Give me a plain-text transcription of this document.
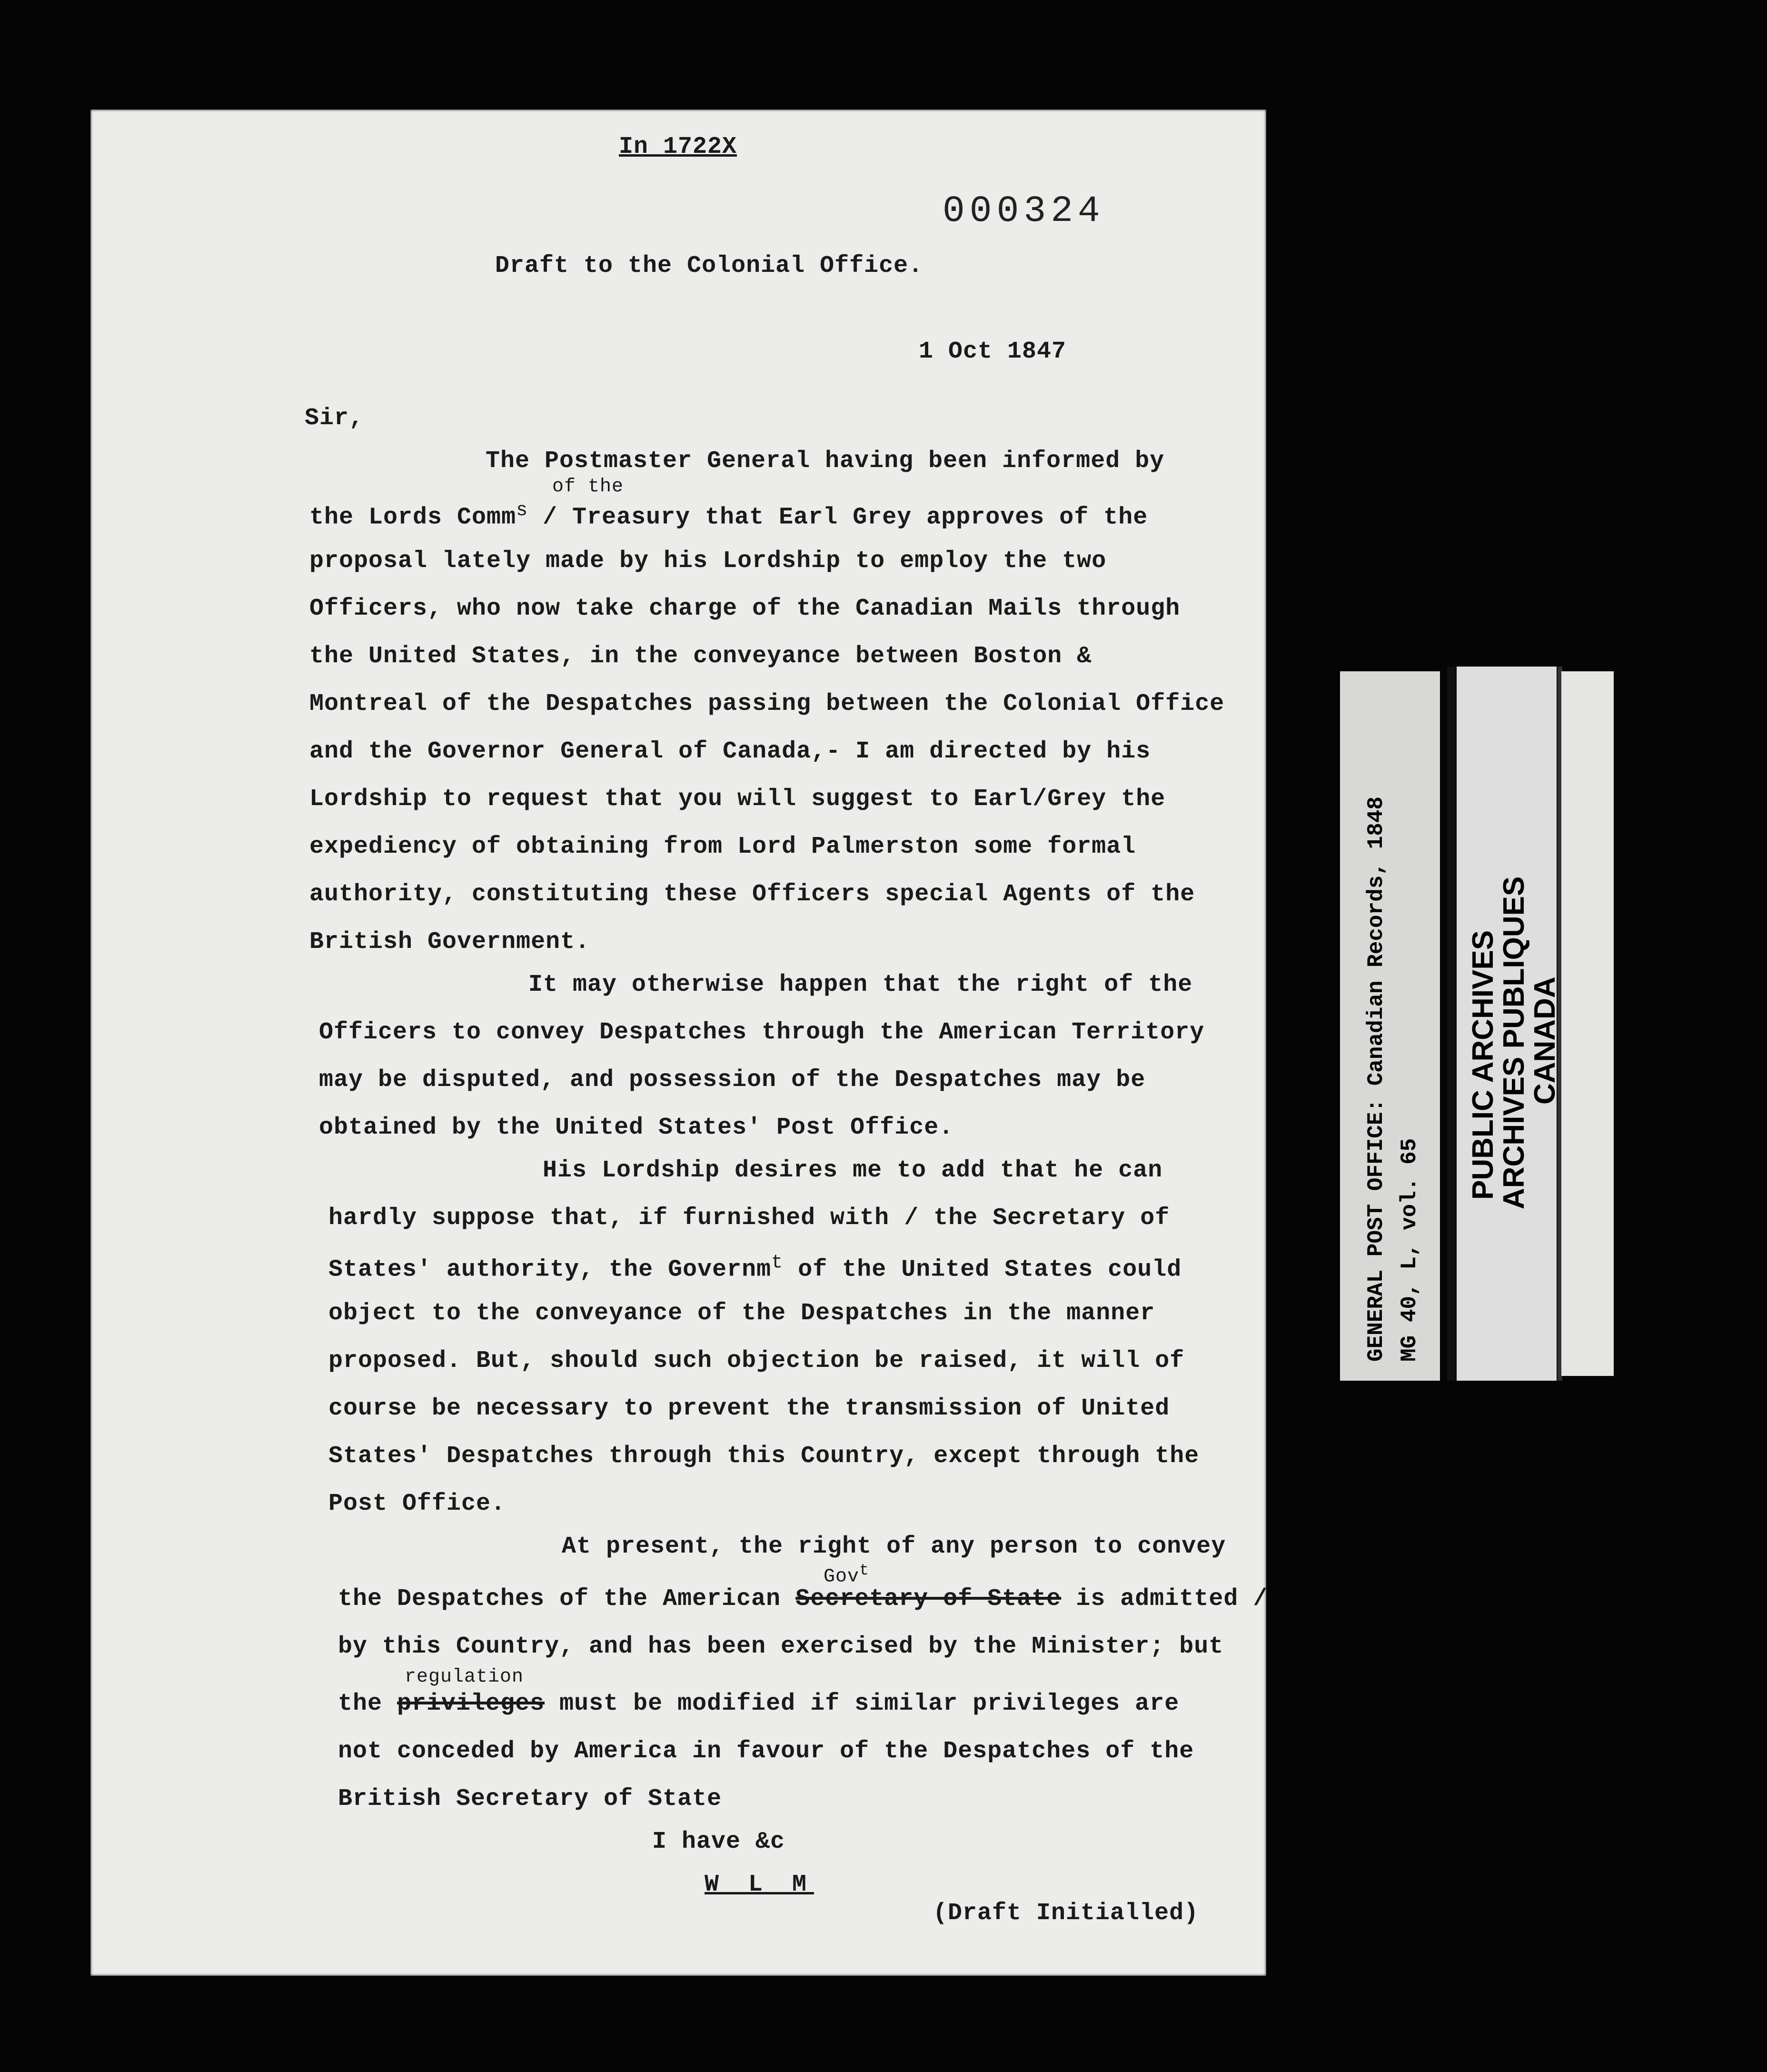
In 1722X
000324
Draft to the Colonial Office.
1 Oct 1847
Sir,
The Postmaster General having been informed by
of the
the Lords Comm$^s$ / Treasury that Earl Grey approves of the
proposal lately made by his Lordship to employ the two
Officers, who now take charge of the Canadian Mails through
the United States, in the conveyance between Boston &
Montreal of the Despatches passing between the Colonial Office
and the Governor General of Canada,- I am directed by his
Lordship to request that you will suggest to Earl/Grey the
expediency of obtaining from Lord Palmerston some formal
authority, constituting these Officers special Agents of the
British Government.
It may otherwise happen that the right of the
Officers to convey Despatches through the American Territory
may be disputed, and possession of the Despatches may be
obtained by the United States' Post Office.
His Lordship desires me to add that he can
hardly suppose that, if furnished with / the Secretary of
States' authority, the Governm$^t$ of the United States could
object to the conveyance of the Despatches in the manner
proposed. But, should such objection be raised, it will of
course be necessary to prevent the transmission of United
States' Despatches through this Country, except through the
Post Office.
At present, the right of any person to convey
Gov$^t$
the Despatches of the American Secretary of State is admitted /
by this Country, and has been exercised by the Minister; but
regulation
the privileges must be modified if similar privileges are
not conceded by America in favour of the Despatches of the
British Secretary of State
I have &c
W L M
(Draft Initialled)
GENERAL POST OFFICE: Canadian Records, 1848
MG 40, L, vol. 65 PUBLIC ARCHIVES
ARCHIVES PUBLIQUES
CANADA
